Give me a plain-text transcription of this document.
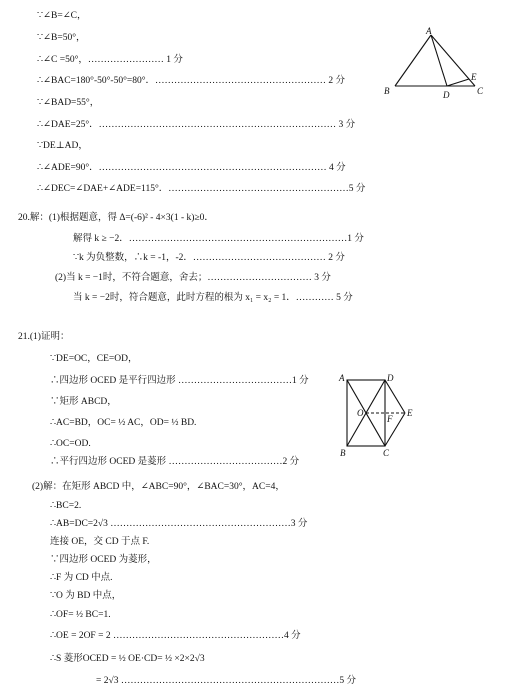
∵∠B=∠C，
∵∠B=50°，
∴∠C =50°，…………………… 1 分
∴∠BAC=180°-50°-50°=80°．……………………………………………… 2 分
∵∠BAD=55°，
∴∠DAE=25°．………………………………………………………………… 3 分
∵DE⊥AD，
∴∠ADE=90°．……………………………………………………………… 4 分
∴∠DEC=∠DAE+∠ADE=115°．…………………………………………………5 分
A
B	C
D
E
20.解：(1)根据题意，得 Δ=(-6)² - 4×3(1 - k)≥0．
解得 k ≥ −2．……………………………………………………………1 分
∵k 为负整数，∴k = -1，-2．…………………………………… 2 分
(2)当 k = −1时，不符合题意，舍去；…………………………… 3 分
当 k = −2时，符合题意，此时方程的根为 x₁ = x₂ = 1．………… 5 分
21.(1)证明：
∵DE=OC，CE=OD，
∴四边形 OCED 是平行四边形 ………………………………1 分
∵矩形 ABCD，
∴AC=BD，OC= ½ AC，OD= ½ BD.
∴OC=OD.
∴平行四边形 OCED 是菱形 ………………………………2 分
A	D
B	C
O	E
F
(2)解：在矩形 ABCD 中，∠ABC=90°，∠BAC=30°，AC=4，
∴BC=2.
∴AB=DC=2√3 …………………………………………………3 分
连接 OE，交 CD 于点 F.
∵四边形 OCED 为菱形，
∴F 为 CD 中点.
∵O 为 BD 中点，
∴OF= ½ BC=1.
∴OE = 2OF = 2 ………………………………………………4 分
∴S 菱形OCED = ½ OE·CD= ½ ×2×2√3
= 2√3 ……………………………………………………………5 分
